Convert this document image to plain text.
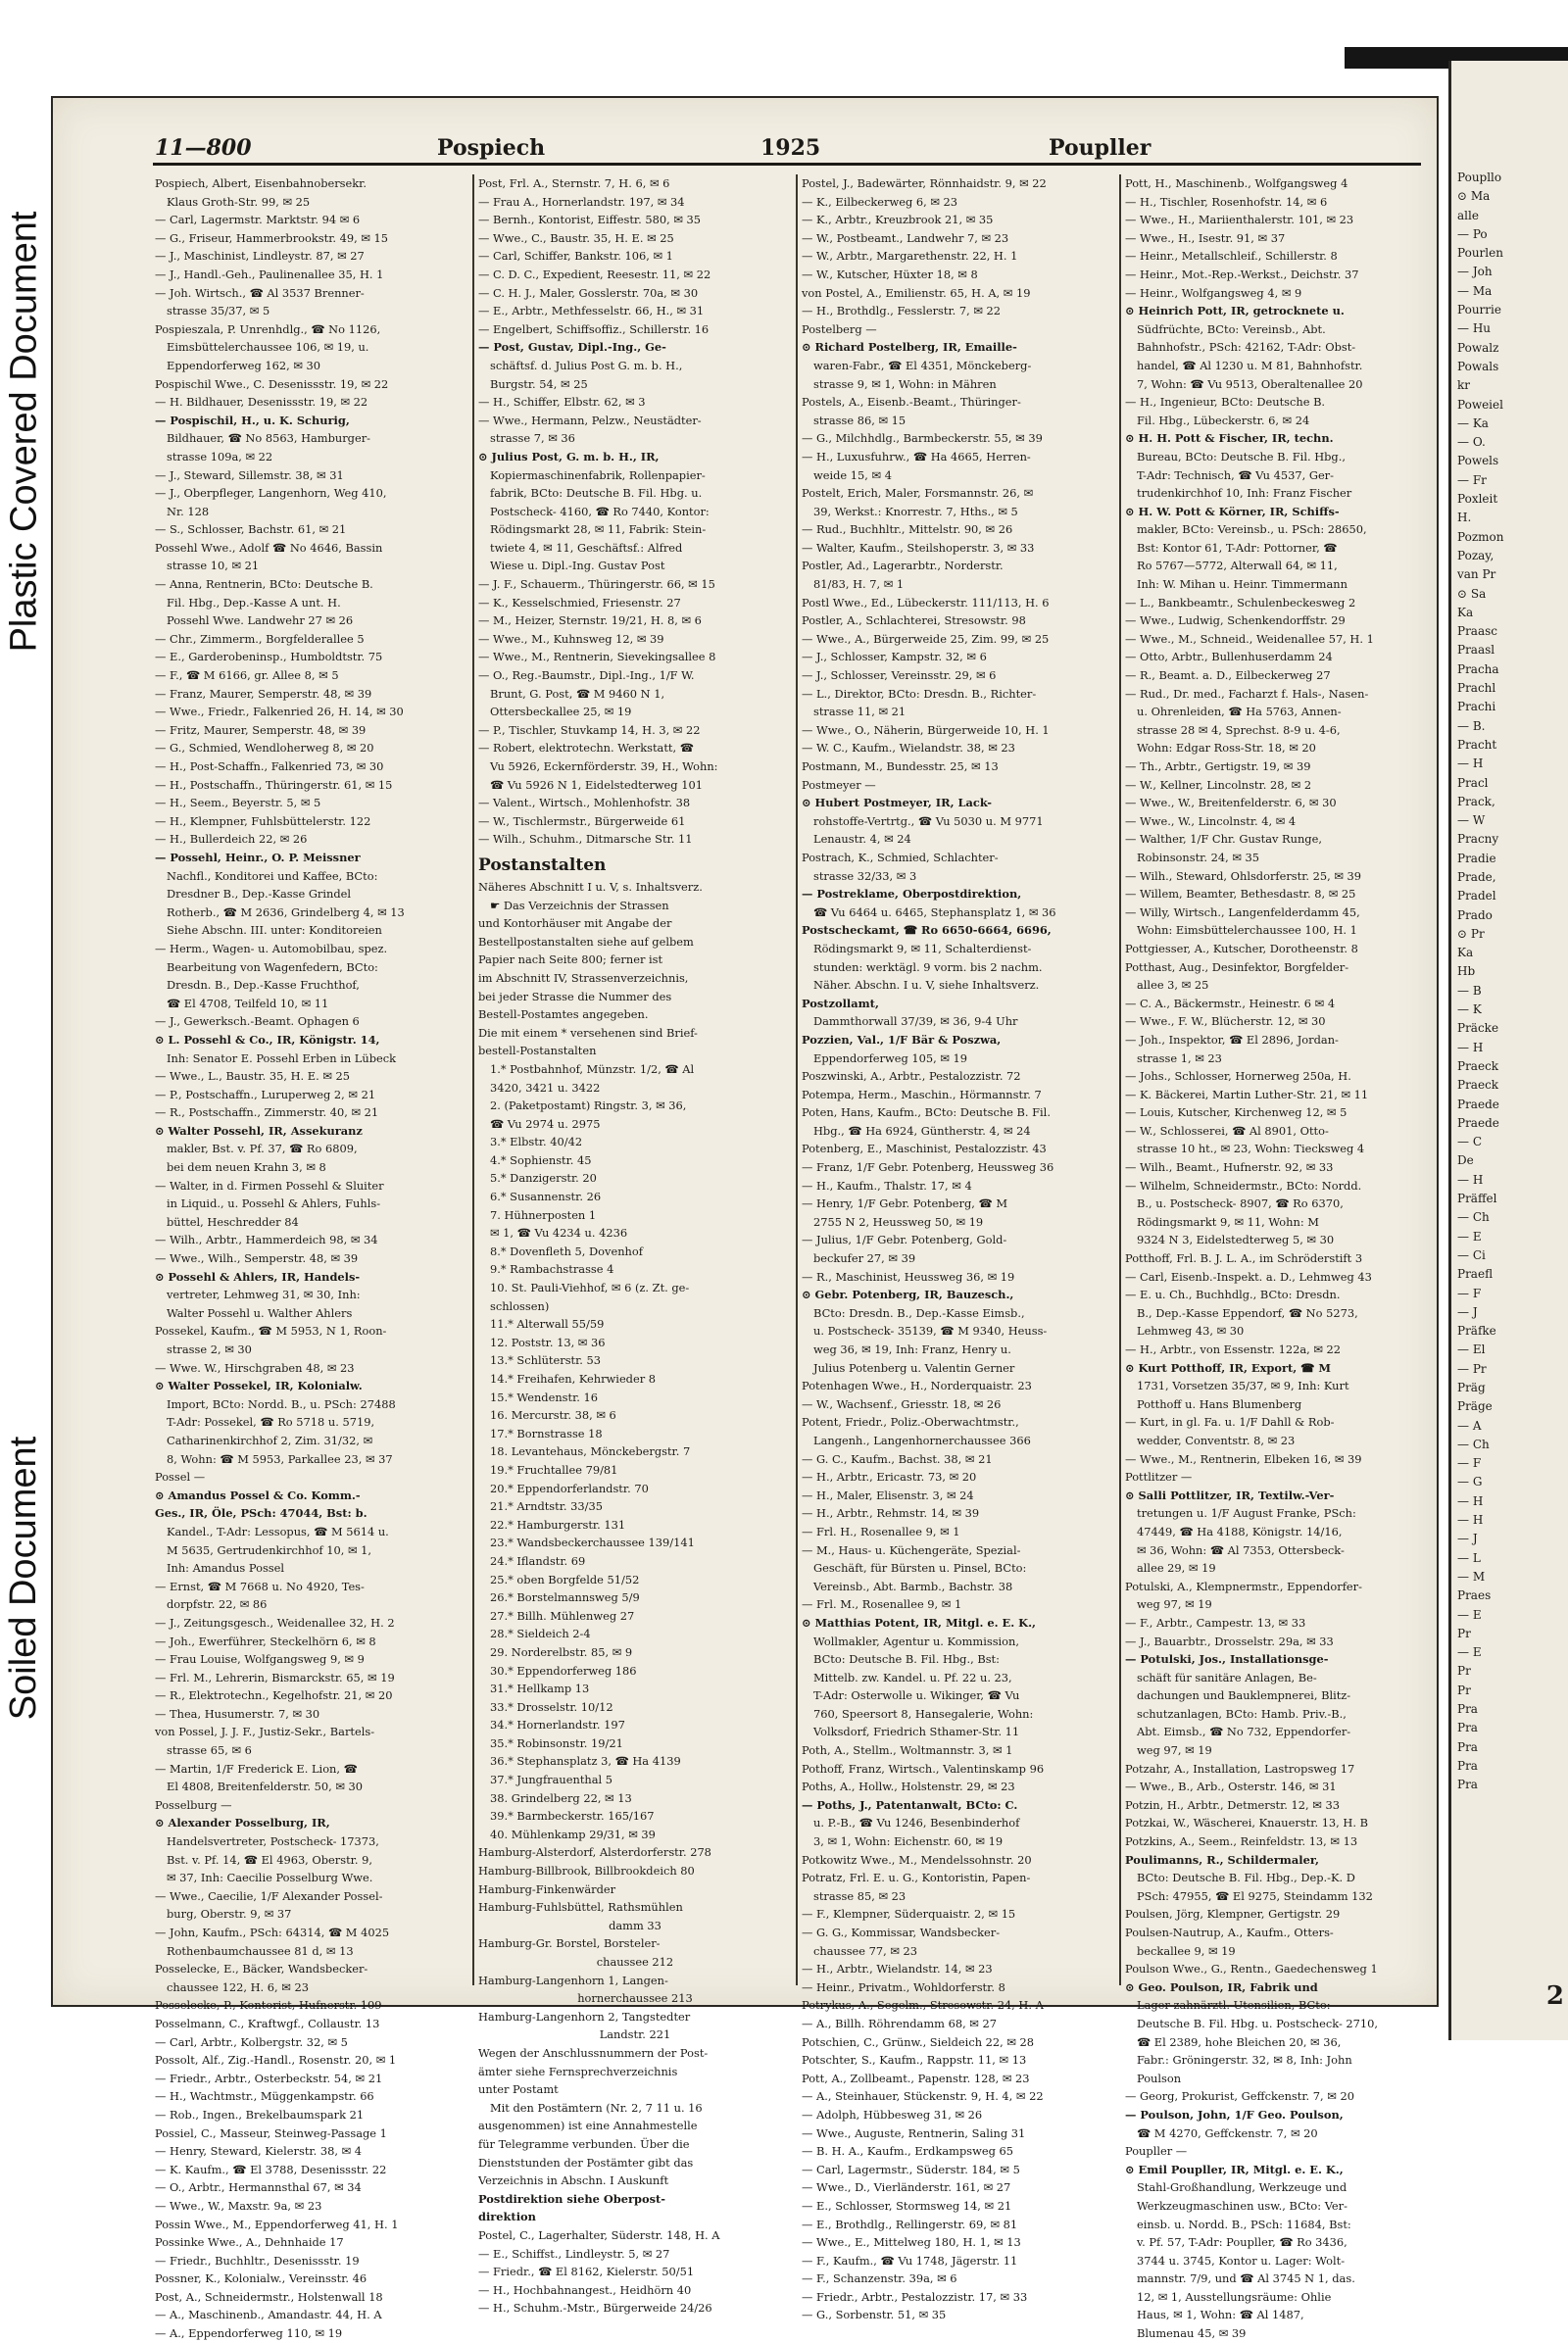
Plastic Covered Document
Soiled Document
11—800	Pospiech	1925	Poupller
Pospiech, Albert, Eisenbahnobersekr.
Klaus Groth-Str. 99, ✉ 25
— Carl, Lagermstr. Marktstr. 94 ✉ 6
— G., Friseur, Hammerbrookstr. 49, ✉ 15
— J., Maschinist, Lindleystr. 87, ✉ 27
— J., Handl.-Geh., Paulinenallee 35, H. 1
— Joh. Wirtsch., ☎ Al 3537 Brenner-
strasse 35/37, ✉ 5
Pospieszala, P. Unrenhdlg., ☎ No 1126,
Eimsbüttelerchaussee 106, ✉ 19, u.
Eppendorferweg 162, ✉ 30
Pospischil Wwe., C. Desenissstr. 19, ✉ 22
— H. Bildhauer, Desenissstr. 19, ✉ 22
— Pospischil, H., u. K. Schurig,
Bildhauer, ☎ No 8563, Hamburger-
strasse 109a, ✉ 22
— J., Steward, Sillemstr. 38, ✉ 31
— J., Oberpfleger, Langenhorn, Weg 410,
Nr. 128
— S., Schlosser, Bachstr. 61, ✉ 21
Possehl Wwe., Adolf ☎ No 4646, Bassin
strasse 10, ✉ 21
— Anna, Rentnerin, BCto: Deutsche B.
Fil. Hbg., Dep.-Kasse A unt. H.
Possehl Wwe. Landwehr 27 ✉ 26
— Chr., Zimmerm., Borgfelderallee 5
— E., Garderobeninsp., Humboldtstr. 75
— F., ☎ M 6166, gr. Allee 8, ✉ 5
— Franz, Maurer, Semperstr. 48, ✉ 39
— Wwe., Friedr., Falkenried 26, H. 14, ✉ 30
— Fritz, Maurer, Semperstr. 48, ✉ 39
— G., Schmied, Wendloherweg 8, ✉ 20
— H., Post-Schaffn., Falkenried 73, ✉ 30
— H., Postschaffn., Thüringerstr. 61, ✉ 15
— H., Seem., Beyerstr. 5, ✉ 5
— H., Klempner, Fuhlsbüttelerstr. 122
— H., Bullerdeich 22, ✉ 26
— Possehl, Heinr., O. P. Meissner
Nachfl., Konditorei und Kaffee, BCto:
Dresdner B., Dep.-Kasse Grindel
Rotherb., ☎ M 2636, Grindelberg 4, ✉ 13
Siehe Abschn. III. unter: Konditoreien
— Herm., Wagen- u. Automobilbau, spez.
Bearbeitung von Wagenfedern, BCto:
Dresdn. B., Dep.-Kasse Fruchthof,
☎ El 4708, Teilfeld 10, ✉ 11
— J., Gewerksch.-Beamt. Ophagen 6
⊙ L. Possehl & Co., IR, Königstr. 14,
Inh: Senator E. Possehl Erben in Lübeck
— Wwe., L., Baustr. 35, H. E. ✉ 25
— P., Postschaffn., Luruperweg 2, ✉ 21
— R., Postschaffn., Zimmerstr. 40, ✉ 21
⊙ Walter Possehl, IR, Assekuranz
makler, Bst. v. Pf. 37, ☎ Ro 6809,
bei dem neuen Krahn 3, ✉ 8
— Walter, in d. Firmen Possehl & Sluiter
in Liquid., u. Possehl & Ahlers, Fuhls-
büttel, Heschredder 84
— Wilh., Arbtr., Hammerdeich 98, ✉ 34
— Wwe., Wilh., Semperstr. 48, ✉ 39
⊙ Possehl & Ahlers, IR, Handels-
vertreter, Lehmweg 31, ✉ 30, Inh:
Walter Possehl u. Walther Ahlers
Possekel, Kaufm., ☎ M 5953, N 1, Roon-
strasse 2, ✉ 30
— Wwe. W., Hirschgraben 48, ✉ 23
⊙ Walter Possekel, IR, Kolonialw.
Import, BCto: Nordd. B., u. PSch: 27488
T-Adr: Possekel, ☎ Ro 5718 u. 5719,
Catharinenkirchhof 2, Zim. 31/32, ✉
8, Wohn: ☎ M 5953, Parkallee 23, ✉ 37
Possel —
⊙ Amandus Possel & Co. Komm.-
Ges., IR, Öle, PSch: 47044, Bst: b.
Kandel., T-Adr: Lessopus, ☎ M 5614 u.
M 5635, Gertrudenkirchhof 10, ✉ 1,
Inh: Amandus Possel
— Ernst, ☎ M 7668 u. No 4920, Tes-
dorpfstr. 22, ✉ 86
— J., Zeitungsgesch., Weidenallee 32, H. 2
— Joh., Ewerführer, Steckelhörn 6, ✉ 8
— Frau Louise, Wolfgangsweg 9, ✉ 9
— Frl. M., Lehrerin, Bismarckstr. 65, ✉ 19
— R., Elektrotechn., Kegelhofstr. 21, ✉ 20
— Thea, Husumerstr. 7, ✉ 30
von Possel, J. J. F., Justiz-Sekr., Bartels-
strasse 65, ✉ 6
— Martin, 1/F Frederick E. Lion, ☎
El 4808, Breitenfelderstr. 50, ✉ 30
Posselburg —
⊙ Alexander Posselburg, IR,
Handelsvertreter, Postscheck- 17373,
Bst. v. Pf. 14, ☎ El 4963, Oberstr. 9,
✉ 37, Inh: Caecilie Posselburg Wwe.
— Wwe., Caecilie, 1/F Alexander Possel-
burg, Oberstr. 9, ✉ 37
— John, Kaufm., PSch: 64314, ☎ M 4025
Rothenbaumchaussee 81 d, ✉ 13
Posselecke, E., Bäcker, Wandsbecker-
chaussee 122, H. 6, ✉ 23
Posselecke, P., Kontorist, Hufnerstr. 109
Posselmann, C., Kraftwgf., Collaustr. 13
— Carl, Arbtr., Kolbergstr. 32, ✉ 5
Possolt, Alf., Zig.-Handl., Rosenstr. 20, ✉ 1
— Friedr., Arbtr., Osterbeckstr. 54, ✉ 21
— H., Wachtmstr., Müggenkampstr. 66
— Rob., Ingen., Brekelbaumspark 21
Possiel, C., Masseur, Steinweg-Passage 1
— Henry, Steward, Kielerstr. 38, ✉ 4
— K. Kaufm., ☎ El 3788, Desenissstr. 22
— O., Arbtr., Hermannsthal 67, ✉ 34
— Wwe., W., Maxstr. 9a, ✉ 23
Possin Wwe., M., Eppendorferweg 41, H. 1
Possinke Wwe., A., Dehnhaide 17
— Friedr., Buchhltr., Desenissstr. 19
Possner, K., Kolonialw., Vereinsstr. 46
Post, A., Schneidermstr., Holstenwall 18
— A., Maschinenb., Amandastr. 44, H. A
— A., Eppendorferweg 110, ✉ 19
Post, Frl. A., Sternstr. 7, H. 6, ✉ 6
— Frau A., Hornerlandstr. 197, ✉ 34
— Bernh., Kontorist, Eiffestr. 580, ✉ 35
— Wwe., C., Baustr. 35, H. E. ✉ 25
— Carl, Schiffer, Bankstr. 106, ✉ 1
— C. D. C., Expedient, Reesestr. 11, ✉ 22
— C. H. J., Maler, Gosslerstr. 70a, ✉ 30
— E., Arbtr., Methfesselstr. 66, H., ✉ 31
— Engelbert, Schiffsoffiz., Schillerstr. 16
— Post, Gustav, Dipl.-Ing., Ge-
schäftsf. d. Julius Post G. m. b. H.,
Burgstr. 54, ✉ 25
— H., Schiffer, Elbstr. 62, ✉ 3
— Wwe., Hermann, Pelzw., Neustädter-
strasse 7, ✉ 36
⊙ Julius Post, G. m. b. H., IR,
Kopiermaschinenfabrik, Rollenpapier-
fabrik, BCto: Deutsche B. Fil. Hbg. u.
Postscheck- 4160, ☎ Ro 7440, Kontor:
Rödingsmarkt 28, ✉ 11, Fabrik: Stein-
twiete 4, ✉ 11, Geschäftsf.: Alfred
Wiese u. Dipl.-Ing. Gustav Post
— J. F., Schauerm., Thüringerstr. 66, ✉ 15
— K., Kesselschmied, Friesenstr. 27
— M., Heizer, Sternstr. 19/21, H. 8, ✉ 6
— Wwe., M., Kuhnsweg 12, ✉ 39
— Wwe., M., Rentnerin, Sievekingsallee 8
— O., Reg.-Baumstr., Dipl.-Ing., 1/F W.
Brunt, G. Post, ☎ M 9460 N 1,
Ottersbeckallee 25, ✉ 19
— P., Tischler, Stuvkamp 14, H. 3, ✉ 22
— Robert, elektrotechn. Werkstatt, ☎
Vu 5926, Eckernförderstr. 39, H., Wohn:
☎ Vu 5926 N 1, Eidelstedterweg 101
— Valent., Wirtsch., Mohlenhofstr. 38
— W., Tischlermstr., Bürgerweide 61
— Wilh., Schuhm., Ditmarsche Str. 11
Postanstalten
Näheres Abschnitt I u. V, s. Inhaltsverz.
☛ Das Verzeichnis der Strassen
und Kontorhäuser mit Angabe der
Bestellpostanstalten siehe auf gelbem
Papier nach Seite 800; ferner ist
im Abschnitt IV, Strassenverzeichnis,
bei jeder Strasse die Nummer des
Bestell-Postamtes angegeben.
Die mit einem * versehenen sind Brief-
bestell-Postanstalten
1.* Postbahnhof, Münzstr. 1/2, ☎ Al
3420, 3421 u. 3422
2. (Paketpostamt) Ringstr. 3, ✉ 36,
☎ Vu 2974 u. 2975
3.* Elbstr. 40/42
4.* Sophienstr. 45
5.* Danzigerstr. 20
6.* Susannenstr. 26
7. Hühnerposten 1
✉ 1, ☎ Vu 4234 u. 4236
8.* Dovenfleth 5, Dovenhof
9.* Rambachstrasse 4
10. St. Pauli-Viehhof, ✉ 6 (z. Zt. ge-
schlossen)
11.* Alterwall 55/59
12. Poststr. 13, ✉ 36
13.* Schlüterstr. 53
14.* Freihafen, Kehrwieder 8
15.* Wendenstr. 16
16. Mercurstr. 38, ✉ 6
17.* Bornstrasse 18
18. Levantehaus, Mönckebergstr. 7
19.* Fruchtallee 79/81
20.* Eppendorferlandstr. 70
21.* Arndtstr. 33/35
22.* Hamburgerstr. 131
23.* Wandsbeckerchaussee 139/141
24.* Iflandstr. 69
25.* oben Borgfelde 51/52
26.* Borstelmannsweg 5/9
27.* Billh. Mühlenweg 27
28.* Sieldeich 2-4
29. Norderelbstr. 85, ✉ 9
30.* Eppendorferweg 186
31.* Hellkamp 13
33.* Drosselstr. 10/12
34.* Hornerlandstr. 197
35.* Robinsonstr. 19/21
36.* Stephansplatz 3, ☎ Ha 4139
37.* Jungfrauenthal 5
38. Grindelberg 22, ✉ 13
39.* Barmbeckerstr. 165/167
40. Mühlenkamp 29/31, ✉ 39
Hamburg-Alsterdorf, Alsterdorferstr. 278
Hamburg-Billbrook, Billbrookdeich 80
Hamburg-Finkenwärder
Hamburg-Fuhlsbüttel, Rathsmühlen
damm 33
Hamburg-Gr. Borstel, Borsteler-
chaussee 212
Hamburg-Langenhorn 1, Langen-
hornerchaussee 213
Hamburg-Langenhorn 2, Tangstedter
Landstr. 221
Wegen der Anschlussnummern der Post-
ämter siehe Fernsprechverzeichnis
unter Postamt
Mit den Postämtern (Nr. 2, 7 11 u. 16
ausgenommen) ist eine Annahmestelle
für Telegramme verbunden. Über die
Dienststunden der Postämter gibt das
Verzeichnis in Abschn. I Auskunft
Postdirektion siehe Oberpost-
direktion
Postel, C., Lagerhalter, Süderstr. 148, H. A
— E., Schiffst., Lindleystr. 5, ✉ 27
— Friedr., ☎ El 8162, Kielerstr. 50/51
— H., Hochbahnangest., Heidhörn 40
— H., Schuhm.-Mstr., Bürgerweide 24/26
Postel, J., Badewärter, Rönnhaidstr. 9, ✉ 22
— K., Eilbeckerweg 6, ✉ 23
— K., Arbtr., Kreuzbrook 21, ✉ 35
— W., Postbeamt., Landwehr 7, ✉ 23
— W., Arbtr., Margarethenstr. 22, H. 1
— W., Kutscher, Hüxter 18, ✉ 8
von Postel, A., Emilienstr. 65, H. A, ✉ 19
— H., Brothdlg., Fesslerstr. 7, ✉ 22
Postelberg —
⊙ Richard Postelberg, IR, Emaille-
waren-Fabr., ☎ El 4351, Mönckeberg-
strasse 9, ✉ 1, Wohn: in Mähren
Postels, A., Eisenb.-Beamt., Thüringer-
strasse 86, ✉ 15
— G., Milchhdlg., Barmbeckerstr. 55, ✉ 39
— H., Luxusfuhrw., ☎ Ha 4665, Herren-
weide 15, ✉ 4
Postelt, Erich, Maler, Forsmannstr. 26, ✉
39, Werkst.: Knorrestr. 7, Hths., ✉ 5
— Rud., Buchhltr., Mittelstr. 90, ✉ 26
— Walter, Kaufm., Steilshoperstr. 3, ✉ 33
Postler, Ad., Lagerarbtr., Norderstr.
81/83, H. 7, ✉ 1
Postl Wwe., Ed., Lübeckerstr. 111/113, H. 6
Postler, A., Schlachterei, Stresowstr. 98
— Wwe., A., Bürgerweide 25, Zim. 99, ✉ 25
— J., Schlosser, Kampstr. 32, ✉ 6
— J., Schlosser, Vereinsstr. 29, ✉ 6
— L., Direktor, BCto: Dresdn. B., Richter-
strasse 11, ✉ 21
— Wwe., O., Näherin, Bürgerweide 10, H. 1
— W. C., Kaufm., Wielandstr. 38, ✉ 23
Postmann, M., Bundesstr. 25, ✉ 13
Postmeyer —
⊙ Hubert Postmeyer, IR, Lack-
rohstoffe-Vertrtg., ☎ Vu 5030 u. M 9771
Lenaustr. 4, ✉ 24
Postrach, K., Schmied, Schlachter-
strasse 32/33, ✉ 3
— Postreklame, Oberpostdirektion,
☎ Vu 6464 u. 6465, Stephansplatz 1, ✉ 36
Postscheckamt, ☎ Ro 6650-6664, 6696,
Rödingsmarkt 9, ✉ 11, Schalterdienst-
stunden: werktägl. 9 vorm. bis 2 nachm.
Näher. Abschn. I u. V, siehe Inhaltsverz.
Postzollamt,
Dammthorwall 37/39, ✉ 36, 9-4 Uhr
Pozzien, Val., 1/F Bär & Poszwa,
Eppendorferweg 105, ✉ 19
Poszwinski, A., Arbtr., Pestalozzistr. 72
Potempa, Herm., Maschin., Hörmannstr. 7
Poten, Hans, Kaufm., BCto: Deutsche B. Fil.
Hbg., ☎ Ha 6924, Güntherstr. 4, ✉ 24
Potenberg, E., Maschinist, Pestalozzistr. 43
— Franz, 1/F Gebr. Potenberg, Heussweg 36
— H., Kaufm., Thalstr. 17, ✉ 4
— Henry, 1/F Gebr. Potenberg, ☎ M
2755 N 2, Heussweg 50, ✉ 19
— Julius, 1/F Gebr. Potenberg, Gold-
beckufer 27, ✉ 39
— R., Maschinist, Heussweg 36, ✉ 19
⊙ Gebr. Potenberg, IR, Bauzesch.,
BCto: Dresdn. B., Dep.-Kasse Eimsb.,
u. Postscheck- 35139, ☎ M 9340, Heuss-
weg 36, ✉ 19, Inh: Franz, Henry u.
Julius Potenberg u. Valentin Gerner
Potenhagen Wwe., H., Norderquaistr. 23
— W., Wachsenf., Griesstr. 18, ✉ 26
Potent, Friedr., Poliz.-Oberwachtmstr.,
Langenh., Langenhornerchaussee 366
— G. C., Kaufm., Bachst. 38, ✉ 21
— H., Arbtr., Ericastr. 73, ✉ 20
— H., Maler, Elisenstr. 3, ✉ 24
— H., Arbtr., Rehmstr. 14, ✉ 39
— Frl. H., Rosenallee 9, ✉ 1
— M., Haus- u. Küchengeräte, Spezial-
Geschäft, für Bürsten u. Pinsel, BCto:
Vereinsb., Abt. Barmb., Bachstr. 38
— Frl. M., Rosenallee 9, ✉ 1
⊙ Matthias Potent, IR, Mitgl. e. E. K.,
Wollmakler, Agentur u. Kommission,
BCto: Deutsche B. Fil. Hbg., Bst:
Mittelb. zw. Kandel. u. Pf. 22 u. 23,
T-Adr: Osterwolle u. Wikinger, ☎ Vu
760, Speersort 8, Hansegalerie, Wohn:
Volksdorf, Friedrich Sthamer-Str. 11
Poth, A., Stellm., Woltmannstr. 3, ✉ 1
Pothoff, Franz, Wirtsch., Valentinskamp 96
Poths, A., Hollw., Holstenstr. 29, ✉ 23
— Poths, J., Patentanwalt, BCto: C.
u. P.-B., ☎ Vu 1246, Besenbinderhof
3, ✉ 1, Wohn: Eichenstr. 60, ✉ 19
Potkowitz Wwe., M., Mendelssohnstr. 20
Potratz, Frl. E. u. G., Kontoristin, Papen-
strasse 85, ✉ 23
— F., Klempner, Süderquaistr. 2, ✉ 15
— G. G., Kommissar, Wandsbecker-
chaussee 77, ✉ 23
— H., Arbtr., Wielandstr. 14, ✉ 23
— Heinr., Privatm., Wohldorferstr. 8
Potrykus, A., Segelm., Stresowstr. 24, H. A
— A., Billh. Röhrendamm 68, ✉ 27
Potschien, C., Grünw., Sieldeich 22, ✉ 28
Potschter, S., Kaufm., Rappstr. 11, ✉ 13
Pott, A., Zollbeamt., Papenstr. 128, ✉ 23
— A., Steinhauer, Stückenstr. 9, H. 4, ✉ 22
— Adolph, Hübbesweg 31, ✉ 26
— Wwe., Auguste, Rentnerin, Saling 31
— B. H. A., Kaufm., Erdkampsweg 65
— Carl, Lagermstr., Süderstr. 184, ✉ 5
— Wwe., D., Vierländerstr. 161, ✉ 27
— E., Schlosser, Stormsweg 14, ✉ 21
— E., Brothdlg., Rellingerstr. 69, ✉ 81
— Wwe., E., Mittelweg 180, H. 1, ✉ 13
— F., Kaufm., ☎ Vu 1748, Jägerstr. 11
— F., Schanzenstr. 39a, ✉ 6
— Friedr., Arbtr., Pestalozzistr. 17, ✉ 33
— G., Sorbenstr. 51, ✉ 35
Pott, H., Maschinenb., Wolfgangsweg 4
— H., Tischler, Rosenhofstr. 14, ✉ 6
— Wwe., H., Mariienthalerstr. 101, ✉ 23
— Wwe., H., Isestr. 91, ✉ 37
— Heinr., Metallschleif., Schillerstr. 8
— Heinr., Mot.-Rep.-Werkst., Deichstr. 37
— Heinr., Wolfgangsweg 4, ✉ 9
⊙ Heinrich Pott, IR, getrocknete u.
Südfrüchte, BCto: Vereinsb., Abt.
Bahnhofstr., PSch: 42162, T-Adr: Obst-
handel, ☎ Al 1230 u. M 81, Bahnhofstr.
7, Wohn: ☎ Vu 9513, Oberaltenallee 20
— H., Ingenieur, BCto: Deutsche B.
Fil. Hbg., Lübeckerstr. 6, ✉ 24
⊙ H. H. Pott & Fischer, IR, techn.
Bureau, BCto: Deutsche B. Fil. Hbg.,
T-Adr: Technisch, ☎ Vu 4537, Ger-
trudenkirchhof 10, Inh: Franz Fischer
⊙ H. W. Pott & Körner, IR, Schiffs-
makler, BCto: Vereinsb., u. PSch: 28650,
Bst: Kontor 61, T-Adr: Pottorner, ☎
Ro 5767—5772, Alterwall 64, ✉ 11,
Inh: W. Mihan u. Heinr. Timmermann
— L., Bankbeamtr., Schulenbeckesweg 2
— Wwe., Ludwig, Schenkendorffstr. 29
— Wwe., M., Schneid., Weidenallee 57, H. 1
— Otto, Arbtr., Bullenhuserdamm 24
— R., Beamt. a. D., Eilbeckerweg 27
— Rud., Dr. med., Facharzt f. Hals-, Nasen-
u. Ohrenleiden, ☎ Ha 5763, Annen-
strasse 28 ✉ 4, Sprechst. 8-9 u. 4-6,
Wohn: Edgar Ross-Str. 18, ✉ 20
— Th., Arbtr., Gertigstr. 19, ✉ 39
— W., Kellner, Lincolnstr. 28, ✉ 2
— Wwe., W., Breitenfelderstr. 6, ✉ 30
— Wwe., W., Lincolnstr. 4, ✉ 4
— Walther, 1/F Chr. Gustav Runge,
Robinsonstr. 24, ✉ 35
— Wilh., Steward, Ohlsdorferstr. 25, ✉ 39
— Willem, Beamter, Bethesdastr. 8, ✉ 25
— Willy, Wirtsch., Langenfelderdamm 45,
Wohn: Eimsbüttelerchaussee 100, H. 1
Pottgiesser, A., Kutscher, Dorotheenstr. 8
Potthast, Aug., Desinfektor, Borgfelder-
allee 3, ✉ 25
— C. A., Bäckermstr., Heinestr. 6 ✉ 4
— Wwe., F. W., Blücherstr. 12, ✉ 30
— Joh., Inspektor, ☎ El 2896, Jordan-
strasse 1, ✉ 23
— Johs., Schlosser, Hornerweg 250a, H.
— K. Bäckerei, Martin Luther-Str. 21, ✉ 11
— Louis, Kutscher, Kirchenweg 12, ✉ 5
— W., Schlosserei, ☎ Al 8901, Otto-
strasse 10 ht., ✉ 23, Wohn: Tiecksweg 4
— Wilh., Beamt., Hufnerstr. 92, ✉ 33
— Wilhelm, Schneidermstr., BCto: Nordd.
B., u. Postscheck- 8907, ☎ Ro 6370,
Rödingsmarkt 9, ✉ 11, Wohn: M
9324 N 3, Eidelstedterweg 5, ✉ 30
Potthoff, Frl. B. J. L. A., im Schröderstift 3
— Carl, Eisenb.-Inspekt. a. D., Lehmweg 43
— E. u. Ch., Buchhdlg., BCto: Dresdn.
B., Dep.-Kasse Eppendorf, ☎ No 5273,
Lehmweg 43, ✉ 30
— H., Arbtr., von Essenstr. 122a, ✉ 22
⊙ Kurt Potthoff, IR, Export, ☎ M
1731, Vorsetzen 35/37, ✉ 9, Inh: Kurt
Potthoff u. Hans Blumenberg
— Kurt, in gl. Fa. u. 1/F Dahll & Rob-
wedder, Conventstr. 8, ✉ 23
— Wwe., M., Rentnerin, Elbeken 16, ✉ 39
Pottlitzer —
⊙ Salli Pottlitzer, IR, Textilw.-Ver-
tretungen u. 1/F August Franke, PSch:
47449, ☎ Ha 4188, Königstr. 14/16,
✉ 36, Wohn: ☎ Al 7353, Ottersbeck-
allee 29, ✉ 19
Potulski, A., Klempnermstr., Eppendorfer-
weg 97, ✉ 19
— F., Arbtr., Campestr. 13, ✉ 33
— J., Bauarbtr., Drosselstr. 29a, ✉ 33
— Potulski, Jos., Installationsge-
schäft für sanitäre Anlagen, Be-
dachungen und Bauklempnerei, Blitz-
schutzanlagen, BCto: Hamb. Priv.-B.,
Abt. Eimsb., ☎ No 732, Eppendorfer-
weg 97, ✉ 19
Potzahr, A., Installation, Lastropsweg 17
— Wwe., B., Arb., Osterstr. 146, ✉ 31
Potzin, H., Arbtr., Detmerstr. 12, ✉ 33
Potzkai, W., Wäscherei, Knauerstr. 13, H. B
Potzkins, A., Seem., Reinfeldstr. 13, ✉ 13
Poulimanns, R., Schildermaler,
BCto: Deutsche B. Fil. Hbg., Dep.-K. D
PSch: 47955, ☎ El 9275, Steindamm 132
Poulsen, Jörg, Klempner, Gertigstr. 29
Poulsen-Nautrup, A., Kaufm., Otters-
beckallee 9, ✉ 19
Poulson Wwe., G., Rentn., Gaedechensweg 1
⊙ Geo. Poulson, IR, Fabrik und
Lager zahnärztl. Utensilien, BCto:
Deutsche B. Fil. Hbg. u. Postscheck- 2710,
☎ El 2389, hohe Bleichen 20, ✉ 36,
Fabr.: Gröningerstr. 32, ✉ 8, Inh: John
Poulson
— Georg, Prokurist, Geffckenstr. 7, ✉ 20
— Poulson, John, 1/F Geo. Poulson,
☎ M 4270, Geffckenstr. 7, ✉ 20
Poupller —
⊙ Emil Poupller, IR, Mitgl. e. E. K.,
Stahl-Großhandlung, Werkzeuge und
Werkzeugmaschinen usw., BCto: Ver-
einsb. u. Nordd. B., PSch: 11684, Bst:
v. Pf. 57, T-Adr: Poupller, ☎ Ro 3436,
3744 u. 3745, Kontor u. Lager: Wolt-
mannstr. 7/9, und ☎ Al 3745 N 1, das.
12, ✉ 1, Ausstellungsräume: Ohlie
Haus, ✉ 1, Wohn: ☎ Al 1487,
Blumenau 45, ✉ 39
Poupllo
⊙ Ma
alle
— Po
Pourlen
— Joh
— Ma
Pourrie
— Hu
Powalz
Powals
kr
Poweiel
— Ka
— O.
Powels
— Fr
Poxleit
H.
Pozmon
Pozay,
van Pr
⊙ Sa
Ka
Praasc
Praasl
Pracha
Prachl
Prachi
— B.
Pracht
— H
Pracl
Prack,
— W
Pracny
Pradie
Prade,
Pradel
Prado
⊙ Pr
Ka
Hb
— B
— K
Präcke
— H
Praeck
Praeck
Praede
Praede
— C
De
— H
Präffel
— Ch
— E
— Ci
Praefl
— F
— J
Präfke
— El
— Pr
Präg
Präge
— A
— Ch
— F
— G
— H
— H
— J
— L
— M
Praes
— E
Pr
— E
Pr
Pr
Pra
Pra
Pra
Pra
Pra
2
